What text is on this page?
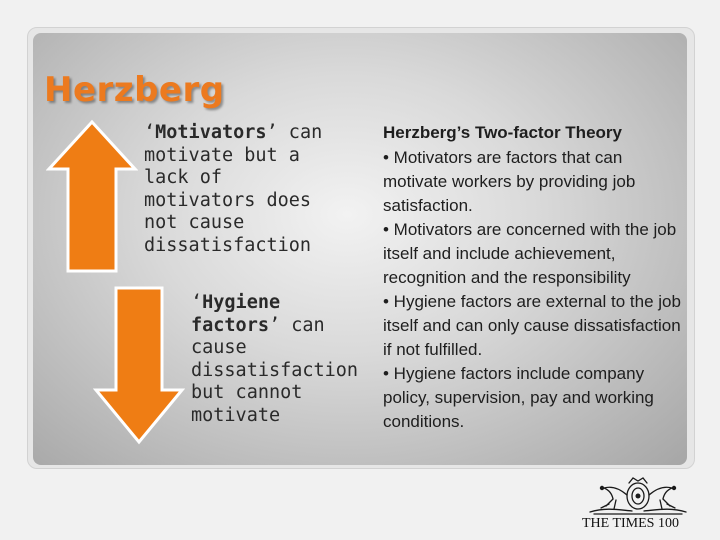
Herzberg

‘Motivators’ can motivate but a lack of motivators does not cause dissatisfaction

‘Hygiene factors’ can cause dissatisfaction but cannot motivate

Herzberg’s Two-factor Theory

• Motivators are factors that can motivate workers by providing job satisfaction.
• Motivators are concerned with the job itself and include achievement, recognition and the responsibility
• Hygiene factors are external to the job itself and can only cause dissatisfaction if not fulfilled.
• Hygiene factors include company policy, supervision, pay and working conditions.

THE TIMES 100
